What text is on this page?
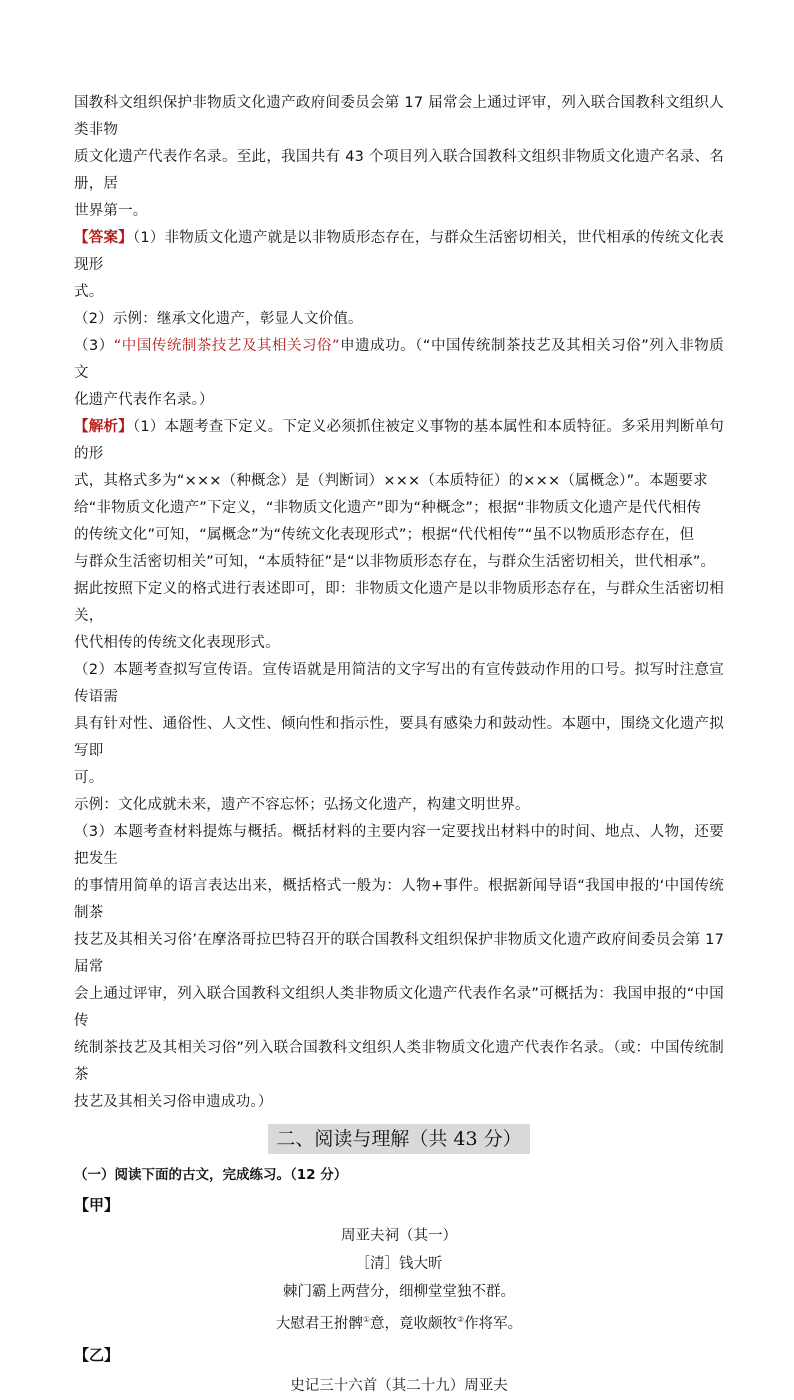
国教科文组织保护非物质文化遗产政府间委员会第 17 届常会上通过评审，列入联合国教科文组织人类非物

质文化遗产代表作名录。至此，我国共有 43 个项目列入联合国教科文组织非物质文化遗产名录、名册，居

世界第一。

【答案】（1）非物质文化遗产就是以非物质形态存在，与群众生活密切相关，世代相承的传统文化表现形

式。

（2）示例：继承文化遗产，彰显人文价值。

（3）“中国传统制茶技艺及其相关习俗”申遗成功。（“中国传统制茶技艺及其相关习俗”列入非物质文

化遗产代表作名录。）

【解析】（1）本题考查下定义。下定义必须抓住被定义事物的基本属性和本质特征。多采用判断单句的形

式，其格式多为“×××（种概念）是（判断词）×××（本质特征）的×××（属概念）”。本题要求

给“非物质文化遗产”下定义，“非物质文化遗产”即为“种概念”；根据“非物质文化遗产是代代相传

的传统文化”可知，“属概念”为“传统文化表现形式”；根据“代代相传”“虽不以物质形态存在，但

与群众生活密切相关”可知，“本质特征”是“以非物质形态存在，与群众生活密切相关，世代相承”。

据此按照下定义的格式进行表述即可，即：非物质文化遗产是以非物质形态存在，与群众生活密切相关，

代代相传的传统文化表现形式。

（2）本题考查拟写宣传语。宣传语就是用简洁的文字写出的有宣传鼓动作用的口号。拟写时注意宣传语需

具有针对性、通俗性、人文性、倾向性和指示性，要具有感染力和鼓动性。本题中，围绕文化遗产拟写即

可。

示例：文化成就未来，遗产不容忘怀；弘扬文化遗产，构建文明世界。

（3）本题考查材料提炼与概括。概括材料的主要内容一定要找出材料中的时间、地点、人物，还要把发生

的事情用简单的语言表达出来，概括格式一般为：人物+事件。根据新闻导语“我国申报的‘中国传统制茶

技艺及其相关习俗’在摩洛哥拉巴特召开的联合国教科文组织保护非物质文化遗产政府间委员会第 17 届常

会上通过评审，列入联合国教科文组织人类非物质文化遗产代表作名录”可概括为：我国申报的“中国传

统制茶技艺及其相关习俗”列入联合国教科文组织人类非物质文化遗产代表作名录。（或：中国传统制茶

技艺及其相关习俗申遗成功。）

二、阅读与理解（共 43 分）

（一）阅读下面的古文，完成练习。（12 分）

【甲】

周亚夫祠（其一）

［清］钱大昕

棘门霸上两营分，细柳堂堂独不群。

大慰君王拊髀①意，竟收颇牧②作将军。

【乙】

史记三十六首（其二十九）周亚夫
